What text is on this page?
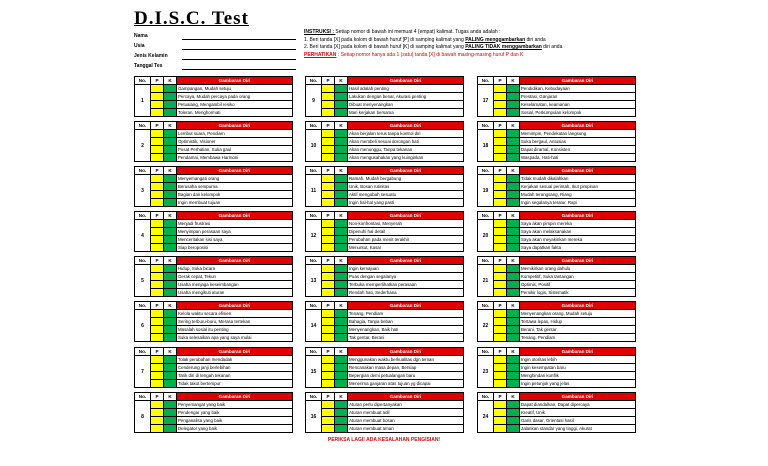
D.I.S.C. Test
Nama
Usia
Jenis Kelamin
Tanggal Tes
INSTRUKSI : Setiap nomor di bawah ini memuat 4 (empat) kalimat. Tugas anda adalah :
1. Beri tanda [X] pada kolom di bawah huruf [P] di samping kalimat yang PALING menggambarkan diri anda
2. Beri tanda [X] pada kolom di bawah huruf [K] di samping kalimat yang PALING TIDAK menggambarkan diri anda
PERHATIKAN : Setiap nomor hanya ada 1 (satu) tanda [X] di bawah masing-masing huruf P dan K
No.	P	K	Gambaran Diri
1			Gampangan, Mudah setuju
			Percaya, Mudah percaya pada orang
			Petualang, Mengambil resiko
			Toleran, Menghormati
No.	P	K	Gambaran Diri
2			Lembut suara, Pendiam
			Optimistik, Visioner
			Pusat Perhatian, Suka gaul
			Pendamai, Membawa Harmoni
No.	P	K	Gambaran Diri
3			Menyemangati orang
			Berusaha sempurna
			Bagian dari kelompok
			Ingin membuat tujuan
No.	P	K	Gambaran Diri
4			Menjadi frustrasi
			Menyimpan perasaan saya
			Menceritakan sisi saya
			Siap beroposisi
No.	P	K	Gambaran Diri
5			Hidup, Suka bicara
			Gerak cepat, Tekun
			Usaha menjaga keseimbangan
			Usaha mengikuti aturan
No.	P	K	Gambaran Diri
6			Kelola waktu secara efisien
			Sering terburu-buru, Merasa tertekan
			Masalah sosial itu penting
			Suka selesaikan apa yang saya mulai
No.	P	K	Gambaran Diri
7			Tolak perubahan mendadak
			Cenderung janji berlebihan
			Tarik diri di tengah tekanan
			Tidak takut bertempur
No.	P	K	Gambaran Diri
8			Penyemangat yang baik
			Pendengar yang baik
			Penganalisa yang baik
			Delegator yang baik
No.	P	K	Gambaran Diri
9			Hasil adalah penting
			Lakukan dengan benar, Akurasi penting
			Dibuat menyenangkan
			Mari kerjakan bersama
No.	P	K	Gambaran Diri
10			Akan berjalan terus tanpa kontrol diri
			Akan membeli sesuai dorongan hati
			Akan menunggu, Tanpa tekanan
			Akan mengusahakan yang kuinginkan
No.	P	K	Gambaran Diri
11			Ramah, Mudah bergabung
			Unik, Bosan rutinitas
			Aktif mengubah sesuatu
			Ingin hal-hal yang pasti
No.	P	K	Gambaran Diri
12			Non-konfrontasi, Menyerah
			Dipenuhi hal detail
			Perubahan pada menit terakhir
			Menuntut, Kasar
No.	P	K	Gambaran Diri
13			Ingin kemajuan
			Puas dengan segalanya
			Terbuka memperlihatkan perasaan
			Rendah hati, Sederhana
No.	P	K	Gambaran Diri
14			Tenang, Pendiam
			Bahagia, Tanpa beban
			Menyenangkan, Baik hati
			Tak gentar, Berani
No.	P	K	Gambaran Diri
15			Menggunakan waktu berkualitas dgn teman
			Rencanakan masa depan, Bersiap
			Bepergian demi petualangan baru
			Menerima ganjaran atas tujuan yg dicapai
No.	P	K	Gambaran Diri
16			Aturan perlu dipertanyakan
			Aturan membuat adil
			Aturan membuat bosan
			Aturan membuat aman
No.	P	K	Gambaran Diri
17			Pendidikan, Kebudayaan
			Prestasi, Ganjaran
			Keselamatan, keamanan
			Sosial, Perkumpulan kelompok
No.	P	K	Gambaran Diri
18			Memimpin, Pendekatan langsung
			Suka bergaul, Antusias
			Dapat diramal, Konsisten
			Waspada, Hati-hati
No.	P	K	Gambaran Diri
19			Tidak mudah dikalahkan
			Kerjakan sesuai perintah, Ikut pimpinan
			Mudah terangsang, Riang
			Ingin segalanya teratur, Rapi
No.	P	K	Gambaran Diri
20			Saya akan pimpin mereka
			Saya akan melaksanakan
			Saya akan meyakinkan mereka
			Saya dapatkan fakta
No.	P	K	Gambaran Diri
21			Memikirkan orang dahulu
			Kompetitif, Suka tantangan
			Optimis, Positif
			Pemikir logis, Sistematik
No.	P	K	Gambaran Diri
22			Menyenangkan orang, Mudah setuju
			Tertawa lepas, Hidup
			Berani, Tak gentar
			Tenang, Pendiam
No.	P	K	Gambaran Diri
23			Ingin otoritas lebih
			Ingin kesempatan baru
			Menghindari konflik
			Ingin petunjuk yang jelas
No.	P	K	Gambaran Diri
24			Dapat diandalkan, Dapat dipercaya
			Kreatif, Unik
			Garis dasar, Orientasi hasil
			Jalankan standar yang tinggi, Akurat
PERIKSA LAGI! ADA KESALAHAN PENGISIAN!
